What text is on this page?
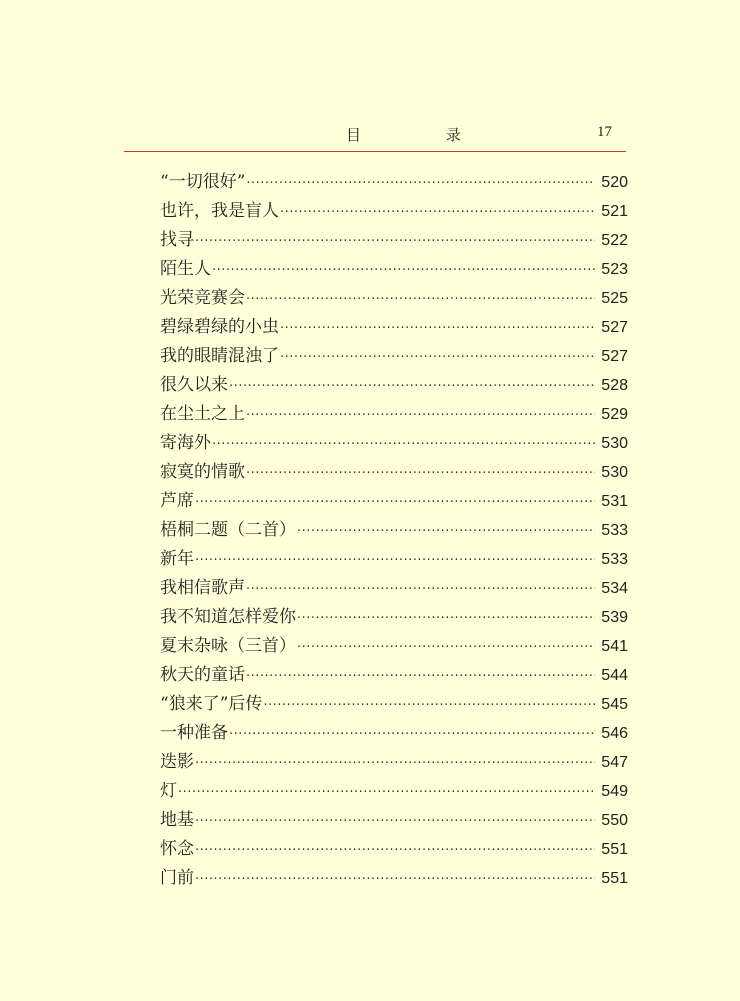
目 录	17
“一切很好” ·····	520
也许，我是盲人 ·····	521
找寻 ·····	522
陌生人 ·····	523
光荣竞赛会 ·····	525
碧绿碧绿的小虫 ·····	527
我的眼睛混浊了 ·····	527
很久以来 ·····	528
在尘土之上 ·····	529
寄海外 ·····	530
寂寞的情歌 ·····	530
芦席 ·····	531
梧桐二题（二首） ·····	533
新年 ·····	533
我相信歌声 ·····	534
我不知道怎样爱你 ·····	539
夏末杂咏（三首） ·····	541
秋天的童话 ·····	544
“狼来了”后传 ·····	545
一种准备 ·····	546
迭影 ·····	547
灯 ·····	549
地基 ·····	550
怀念 ·····	551
门前 ·····	551
